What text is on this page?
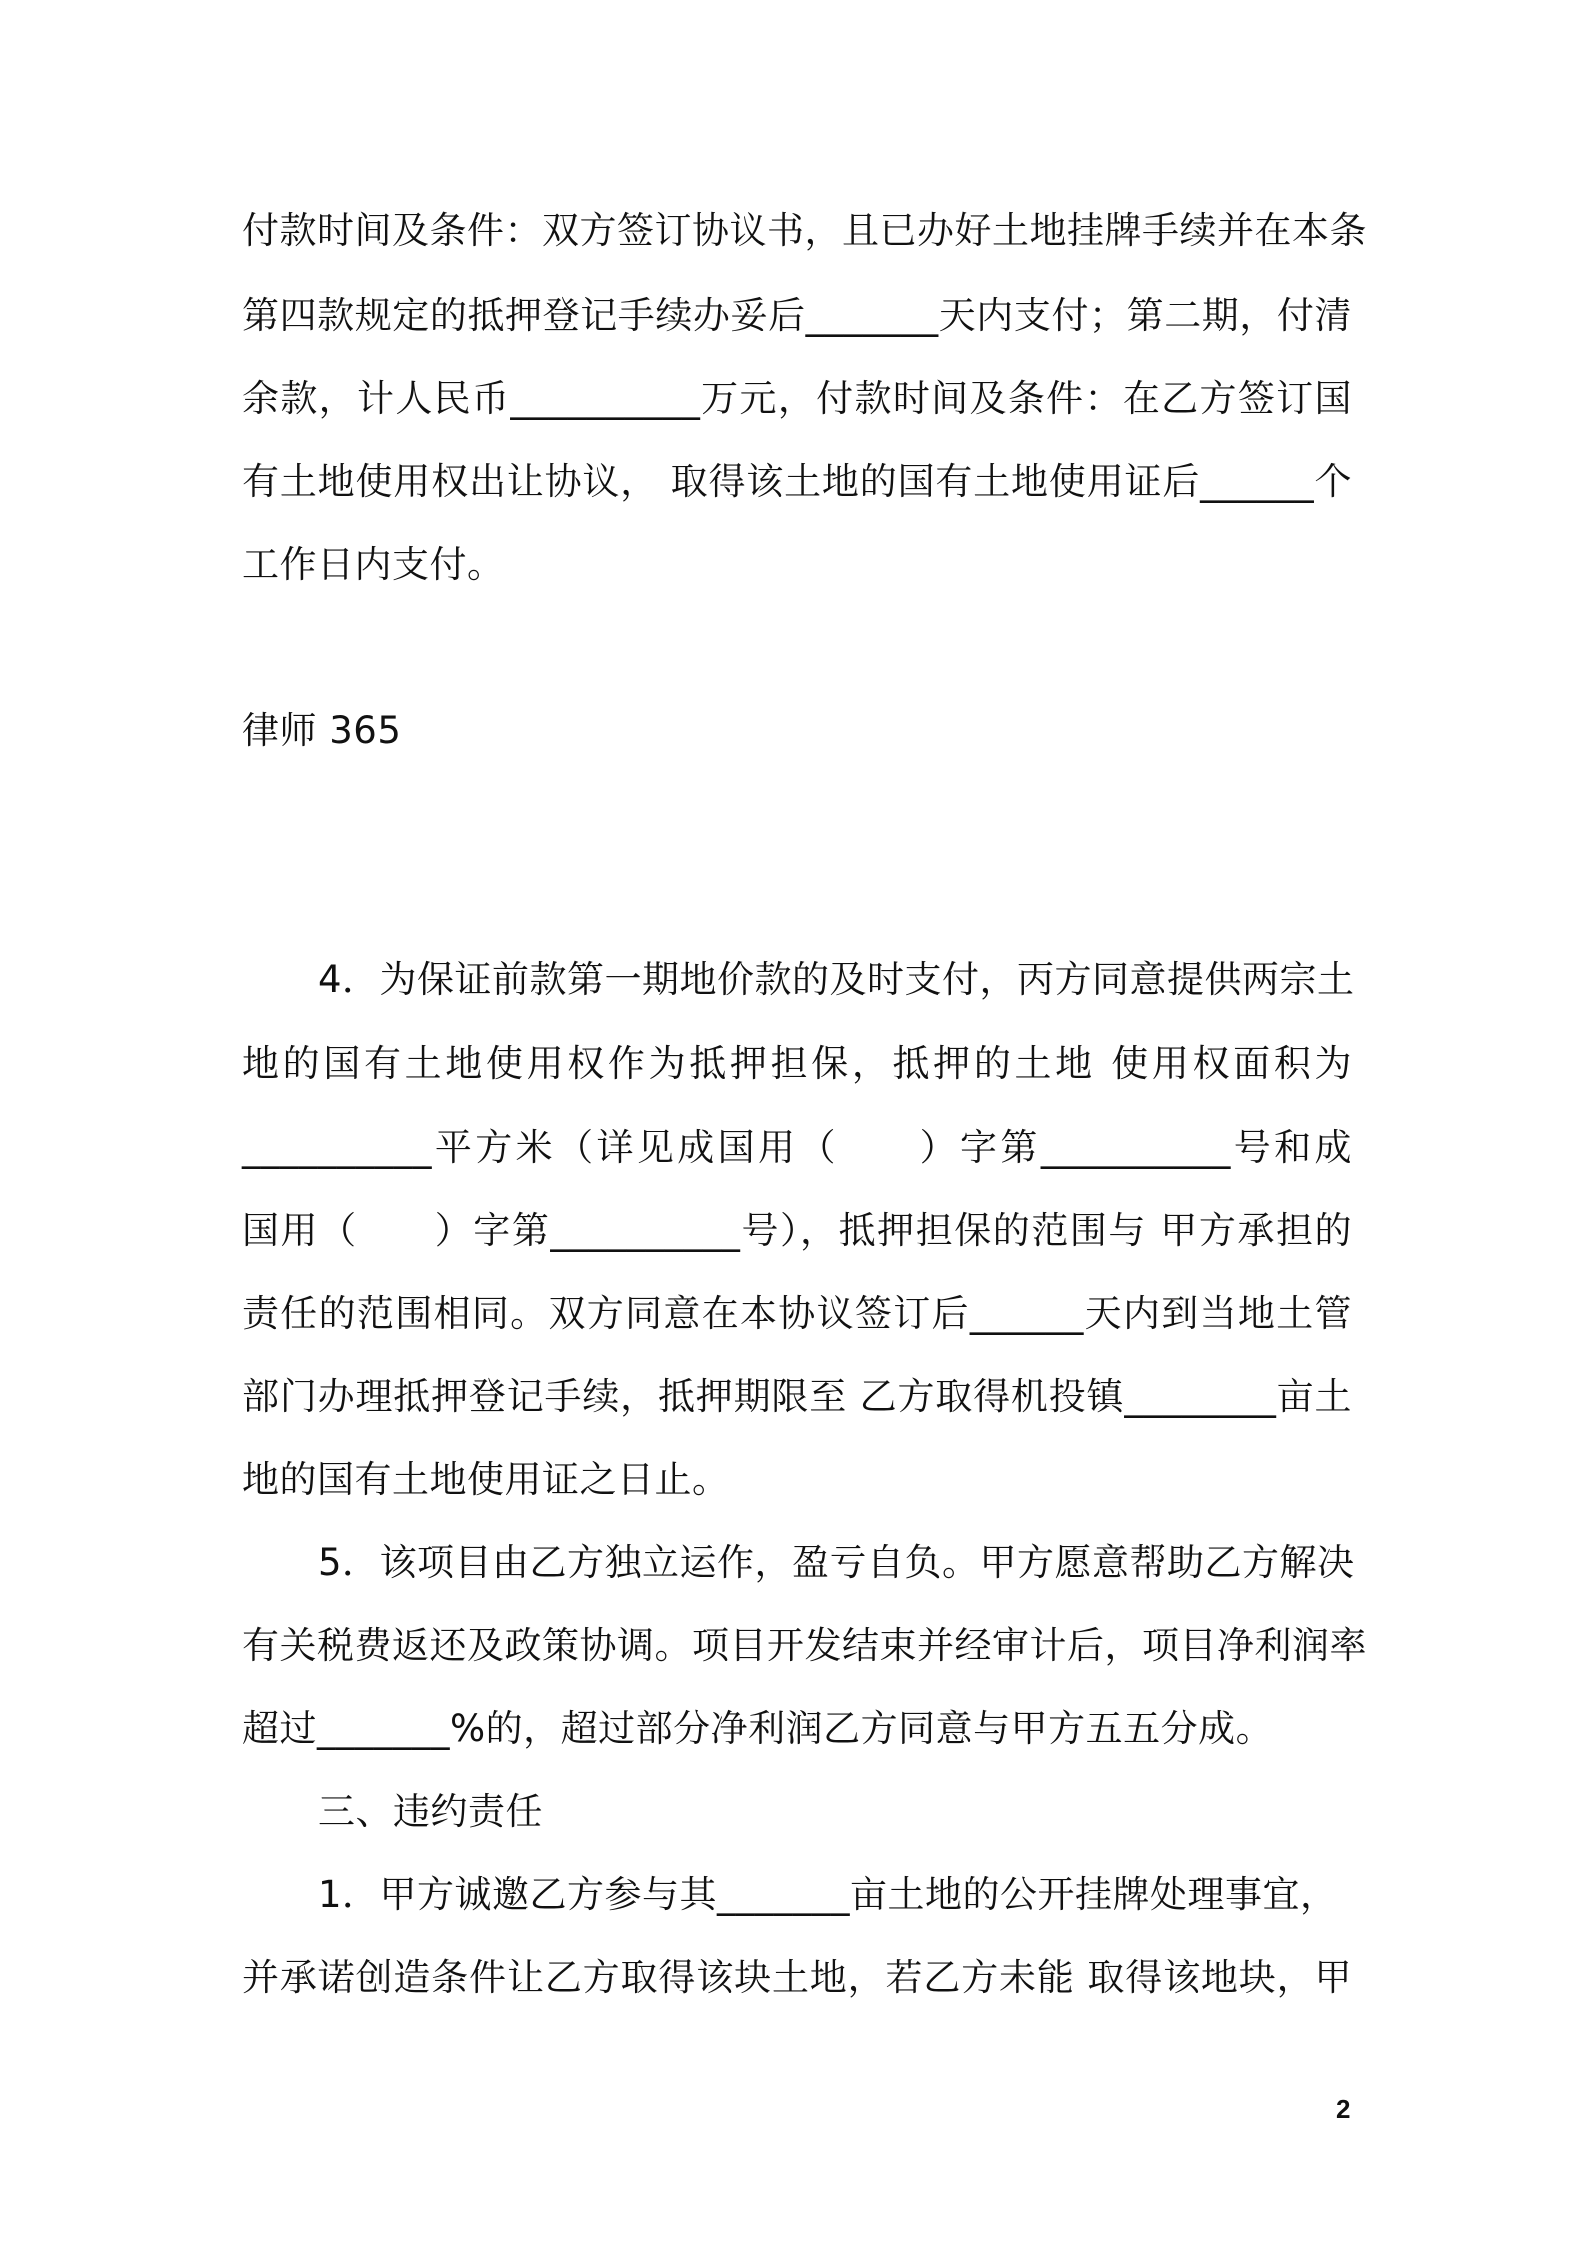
付款时间及条件：双方签订协议书，且已办好土地挂牌手续并在本条
第四款规定的抵押登记手续办妥后_______天内支付；第二期，付清
余款，计人民币__________万元，付款时间及条件：在乙方签订国
有土地使用权出让协议， 取得该土地的国有土地使用证后______个
工作日内支付。
律师 365
4．为保证前款第一期地价款的及时支付，丙方同意提供两宗土
地的国有土地使用权作为抵押担保，抵押的土地 使用权面积为
__________平方米（详见成国用（　　）字第__________号和成
国用（　　）字第__________号），抵押担保的范围与 甲方承担的
责任的范围相同。双方同意在本协议签订后______天内到当地土管
部门办理抵押登记手续，抵押期限至 乙方取得机投镇________亩土
地的国有土地使用证之日止。
5．该项目由乙方独立运作，盈亏自负。甲方愿意帮助乙方解决
有关税费返还及政策协调。项目开发结束并经审计后，项目净利润率
超过_______%的，超过部分净利润乙方同意与甲方五五分成。
三、违约责任
1．甲方诚邀乙方参与其_______亩土地的公开挂牌处理事宜，
并承诺创造条件让乙方取得该块土地，若乙方未能 取得该地块，甲
2
